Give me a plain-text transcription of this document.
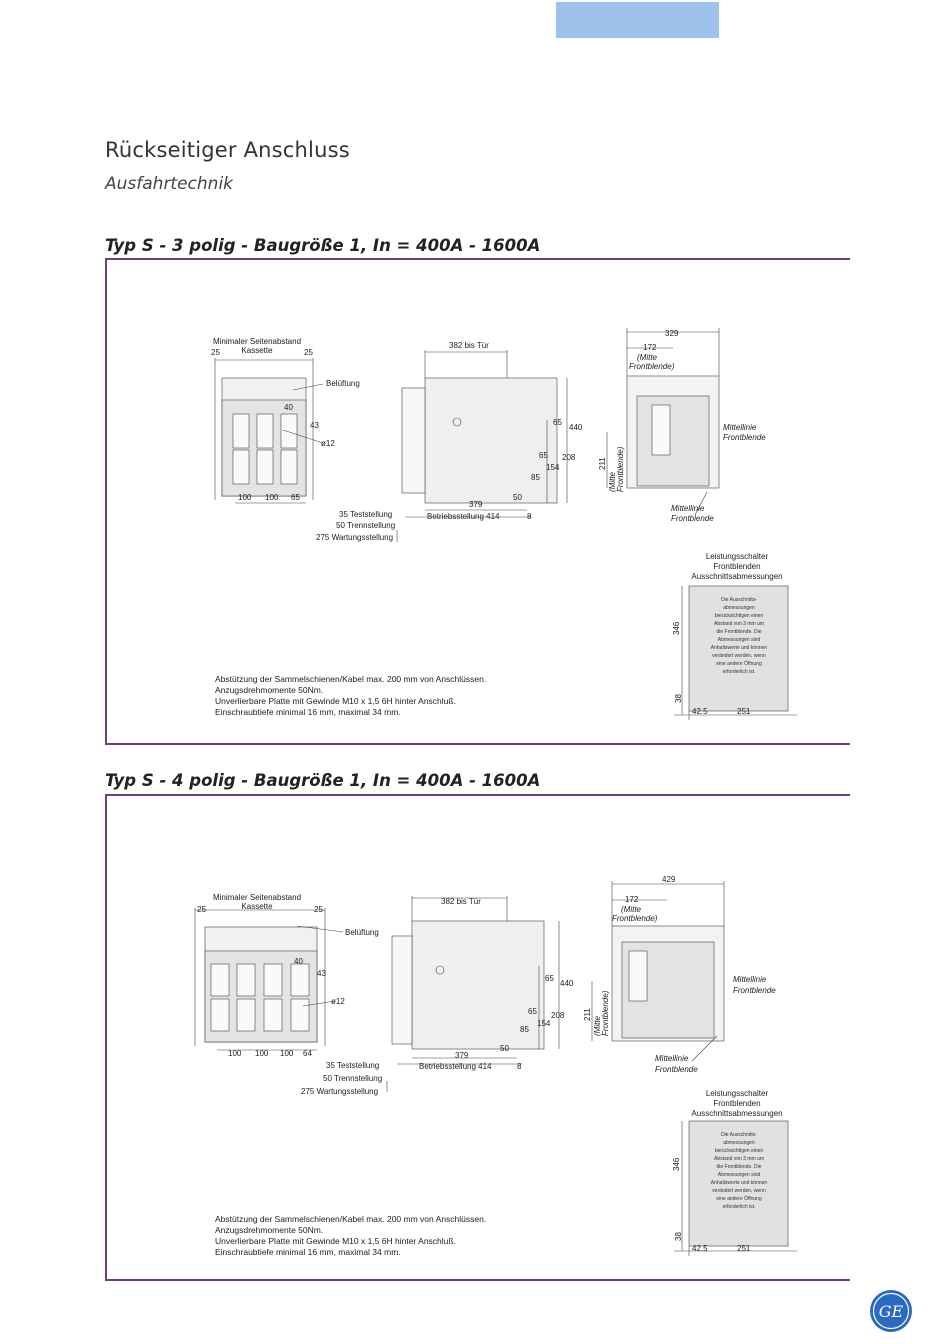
Rückseitiger Anschluss
Ausfahrtechnik
Typ S - 3 polig - Baugröße 1, In = 400A - 1600A
Minimaler Seitenabstand
Kassette
25	25
Belüftung
40
43
ø12
100 100 65
382 bis Tür
440
65
208
154
65
85
379
50
Betriebsstellung 414	8
35 Teststellung
50 Trennstellung
275 Wartungsstellung
329
172
(Mitte
Frontblende)
211
(Mitte Frontblende)
Mittellinie
Frontblende
Mittellinie
Frontblende
Leistungsschalter
Frontblenden
Ausschnittsabmessungen
346
38
42.5	251
Die Ausschnitts-
abmessungen
berücksichtigen einen
Abstand von 3 mm um
die Frontblende. Die
Abmessungen sind
Anhaltswerte und können
verändert werden, wenn
eine andere Öffnung
erforderlich ist.
Abstützung der Sammelschienen/Kabel max. 200 mm von Anschlüssen.
Anzugsdrehmomente 50Nm.
Unverlierbare Platte mit Gewinde M10 x 1,5 6H hinter Anschluß.
Einschraubtiefe minimal 16 mm, maximal 34 mm.
Typ S - 4 polig - Baugröße 1, In = 400A - 1600A
Minimaler Seitenabstand
Kassette
25	25
Belüftung
40
43
ø12
100 100 100 64
382 bis Tür
440
65
208
154
65
85
379
50
Betriebsstellung 414	8
35 Teststellung
50 Trennstellung
275 Wartungsstellung
429
172
(Mitte
Frontblende)
211
(Mitte Frontblende)
Mittellinie
Frontblende
Mittellinie
Frontblende
Leistungsschalter
Frontblenden
Ausschnittsabmessungen
346
38
42.5	251
Die Ausschnitts-
abmessungen
berücksichtigen einen
Abstand von 3 mm um
die Frontblende. Die
Abmessungen sind
Anhaltswerte und können
verändert werden, wenn
eine andere Öffnung
erforderlich ist.
Abstützung der Sammelschienen/Kabel max. 200 mm von Anschlüssen.
Anzugsdrehmomente 50Nm.
Unverlierbare Platte mit Gewinde M10 x 1,5 6H hinter Anschluß.
Einschraubtiefe minimal 16 mm, maximal 34 mm.
GE
